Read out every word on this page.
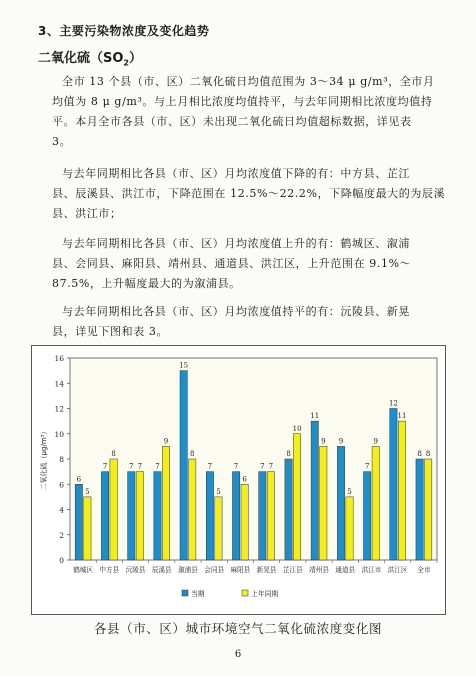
3、主要污染物浓度及变化趋势
二氧化硫$(SO_2)$
全市 13 个县（市、区）二氧化硫日均值范围为 3～34 μ g/m³，全市月
均值为 8 μ g/m³。与上月相比浓度均值持平，与去年同期相比浓度均值持
平。本月全市各县（市、区）未出现二氧化硫日均值超标数据，详见表
3。
与去年同期相比各县（市、区）月均浓度值下降的有：中方县、芷江
县、辰溪县、洪江市，下降范围在 12.5%～22.2%，下降幅度最大的为辰溪
县、洪江市；
与去年同期相比各县（市、区）月均浓度值上升的有：鹤城区、溆浦
县、会同县、麻阳县、靖州县、通道县、洪江区，上升范围在 9.1%～
87.5%，上升幅度最大的为溆浦县。
与去年同期相比各县（市、区）月均浓度值持平的有：沅陵县、新晃
县，详见下图和表 3。
0
2
4
6
8
10
12
14
16
二氧化硫（μg/m³）	6
5
鹤城区
7
8
中方县
7 7
沅陵县
7
9
辰溪县
15
8
溆浦县
7
5
会同县
7
6
麻阳县
7 7
新晃县
8
10
芷江县
11
9
靖州县
9
5
通道县
7
9
洪江市
12
11
洪江区
8 8
全市
当期	上年同期
各县（市、区）城市环境空气二氧化硫浓度变化图
6
